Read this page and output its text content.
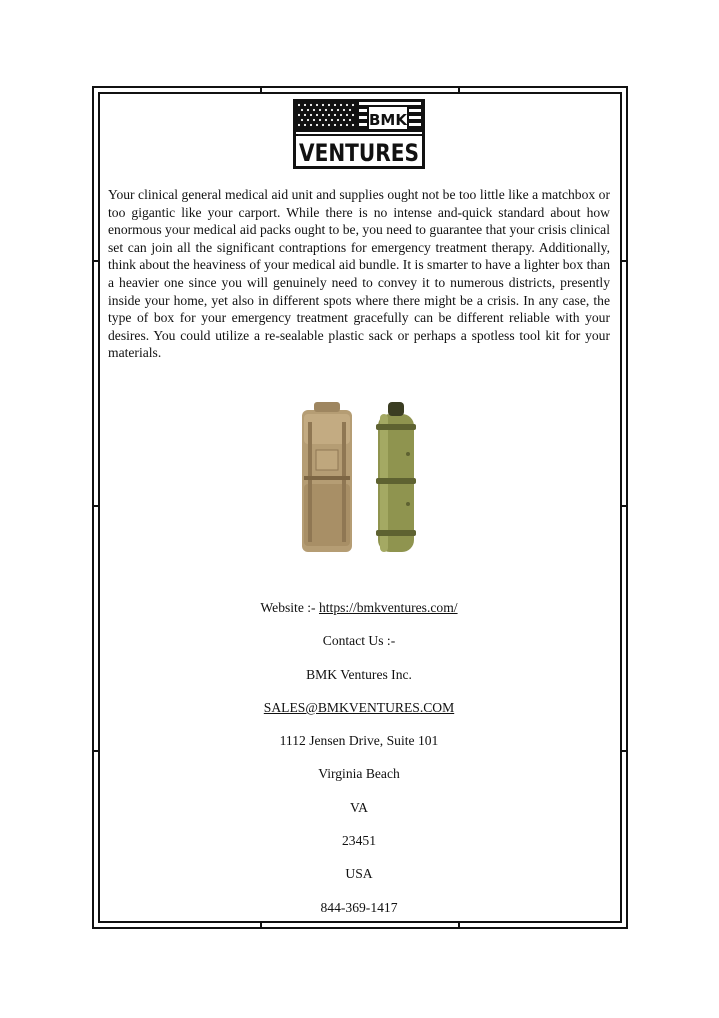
BMK
VENTURES

Your clinical general medical aid unit and supplies ought not be too little like a matchbox or too gigantic like your carport. While there is no intense and-quick standard about how enormous your medical aid packs ought to be, you need to guarantee that your crisis clinical set can join all the significant contraptions for emergency treatment therapy. Additionally, think about the heaviness of your medical aid bundle. It is smarter to have a lighter box than a heavier one since you will genuinely need to convey it to numerous districts, presently inside your home, yet also in different spots where there might be a crisis. In any case, the type of box for your emergency treatment gracefully can be different reliable with your desires. You could utilize a re-sealable plastic sack or perhaps a spotless tool kit for your materials.

Website :- https://bmkventures.com/

Contact Us :-

BMK Ventures Inc.

SALES@BMKVENTURES.COM

1112 Jensen Drive, Suite 101

Virginia Beach

VA

23451

USA

844-369-1417
